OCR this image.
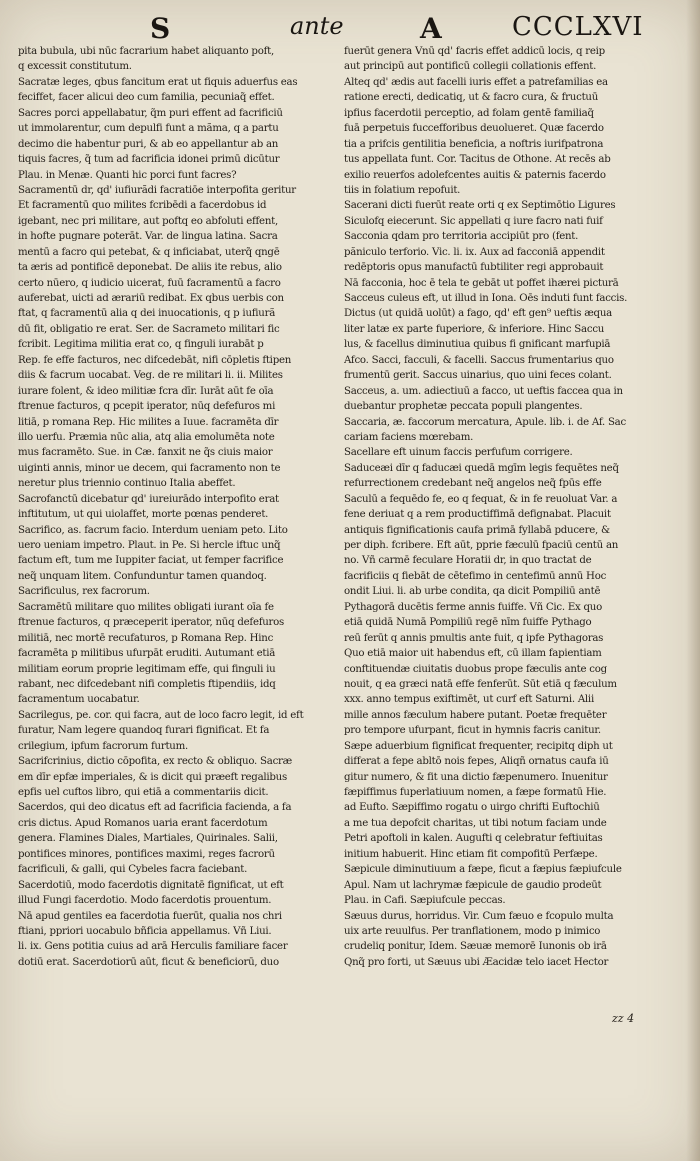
S	ante	A	CCCLXVI
pita bubula, ubi nūc facrarium habet aliquanto poft,
q excessit constitutum.
Sacratæ leges, qbus fancitum erat ut fiquis aduerfus eas
feciffet, facer alicui deo cum familia, pecuniaq̃ effet.
Sacres porci appellabatur, q̃m puri effent ad facrificiū
ut immolarentur, cum depulfi funt a mãma, q a partu
decimo die habentur puri, & ab eo appellantur ab an
tiquis facres, q̃ tum ad facrificia idonei primū dicūtur
Plau. in Menæ. Quanti hic porci funt facres?
Sacramentū dr, qd' iufiurãdi facratiōe interpofita geritur
Et facramentū quo milites fcribēdi a facerdobus id
igebant, nec pri militare, aut poftq eo abfoluti effent,
in hofte pugnare poterāt. Var. de lingua latina. Sacra
mentū a facro qui petebat, & q inficiabat, uterq̃ qngē
ta æris ad pontificē deponebat. De aliis ite rebus, alio
certo nūero, q iudicio uicerat, fuū facramentū a facro
auferebat, uicti ad ærariū redibat. Ex qbus uerbis con
ftat, q facramentū alia q dei inuocationis, q p iufiurã
dū fit, obligatio re erat. Ser. de Sacrameto militari fic
fcribit. Legitima militia erat co, q finguli iurabāt p
Rep. fe effe facturos, nec difcedebāt, nifi cōpletis ftipen
diis & facrum uocabat. Veg. de re militari li. ii. Milites
iurare folent, & ideo militiæ fcra dīr. Iurāt aūt fe oīa
ftrenue facturos, q pcepit iperator, nūq defefuros mi
litiā, p romana Rep. Hic milites a Iuue. facramēta dīr
illo uerfu. Præmia nūc alia, atq alia emolumēta note
mus facramēto. Sue. in Cæ. fanxit ne q̃s ciuis maior
uiginti annis, minor ue decem, qui facramento non te
neretur plus triennio continuo Italia abeffet.
Sacrofanctū dicebatur qd' iureiurādo interpofito erat
inftitutum, ut qui uiolaffet, morte pœnas penderet.
Sacrifico, as. facrum facio. Interdum ueniam peto. Lito
uero ueniam impetro. Plaut. in Pe. Si hercle iftuc unq̃
factum eft, tum me Iuppiter faciat, ut femper facrifice
neq̃ unquam litem. Confunduntur tamen quandoq.
Sacrificulus, rex facrorum.
Sacramētū militare quo milites obligati iurant oīa fe
ftrenue facturos, q præceperit iperator, nūq defefuros
militiā, nec mortē recufaturos, p Romana Rep. Hinc
facramēta p militibus ufurpāt eruditi. Autumant etiā
militiam eorum proprie legitimam effe, qui finguli iu
rabant, nec difcedebant nifi completis ftipendiis, idq
facramentum uocabatur.
Sacrilegus, pe. cor. qui facra, aut de loco facro legit, id eft
furatur, Nam legere quandoq furari fignificat. Et fa
crilegium, ipfum facrorum furtum.
Sacrifcrinius, dictio cōpofita, ex recto & obliquo. Sacræ
em dīr epfæ imperiales, & is dicit qui præeft regalibus
epfis uel cuftos libro, qui etiā a commentariis dicit.
Sacerdos, qui deo dicatus eft ad facrificia facienda, a fa
cris dictus. Apud Romanos uaria erant facerdotum
genera. Flamines Diales, Martiales, Quirinales. Salii,
pontifices minores, pontifices maximi, reges facrorū
facrificuli, & galli, qui Cybeles facra faciebant.
Sacerdotiū, modo facerdotis dignitatē fignificat, ut eft
illud Fungi facerdotio. Modo facerdotis prouentum.
Nā apud gentiles ea facerdotia fuerūt, qualia nos chri
ftiani, ppriori uocabulo bñficia appellamus. Vñ Liui.
li. ix. Gens potitia cuius ad arā Herculis familiare facer
dotiū erat. Sacerdotiorū aūt, ficut & beneficiorū, duo
fuerūt genera Vnū qd' facris effet addicū locis, q reip
aut principū aut pontificū collegii collationis effent.
Alteq qd' ædis aut facelli iuris effet a patrefamilias ea
ratione erecti, dedicatiq, ut & facro cura, & fructuū
ipfius facerdotii perceptio, ad folam gentē familiaq̃
fuā perpetuis fuccefforibus deuolueret. Quæ facerdo
tia a prifcis gentilitia beneficia, a noftris iurifpatrona
tus appellata funt. Cor. Tacitus de Othone. At recēs ab
exilio reuerfos adolefcentes auitis & paternis facerdo
tiis in folatium repofuit.
Sacerani dicti fuerūt reate orti q ex Septimōtio Ligures
Siculofq eiecerunt. Sic appellati q iure facro nati fuif
Sacconia qdam pro territoria accipiūt pro (fent.
păniculo terforio. Vic. li. ix. Aux ad facconiā appendit
redēptoris opus manufactū fubtiliter regi approbauit
Nā facconia, hoc ē tela te gebāt ut poffet ihærei picturā
Sacceus culeus eft, ut illud in Iona. Oēs induti funt faccis.
Dictus (ut quidā uolūt) a fago, qd' eft gen⁹ ueftis æqua
liter latæ ex parte fuperiore, & inferiore. Hinc Saccu
lus, & facellus diminutiua quibus fi gnificant marfupiā
Afco. Sacci, facculi, & facelli. Saccus frumentarius quo
frumentū gerit. Saccus uinarius, quo uini feces colant.
Sacceus, a. um. adiectiuū a facco, ut ueftis faccea qua in
duebantur prophetæ peccata populi plangentes.
Saccaria, æ. faccorum mercatura, Apule. lib. i. de Af. Sac
cariam faciens mœrebam.
Sacellare eft uinum faccis perfufum corrigere.
Saduceæi dīr q faducæi quedā mgīm legis fequētes neq̃
refurrectionem credebant neq̃ angelos neq̃ fpūs effe
Saculū a fequēdo fe, eo q fequat, & in fe reuoluat Var. a
fene deriuat q a rem productiffimā defignabat. Placuit
antiquis fignificationis caufa primā fyllabā pducere, &
per diph. fcribere. Eft aūt, pprie fæculū fpaciū centū an
no. Vñ carmē feculare Horatii dr, in quo tractat de
facrificiis q fiebāt de cētefimo in centefimū annū Hoc
ondit Liui. li. ab urbe condita, qa dicit Pompiliū antē
Pythagorā ducētis ferme annis fuiffe. Vñ Cic. Ex quo
etiā quidā Numā Pompiliū regē nīm fuiffe Pythago
reū ferūt q annis pmultis ante fuit, q ipfe Pythagoras
Quo etiā maior uit habendus eft, cū illam fapientiam
conftituendæ ciuitatis duobus prope fæculis ante cog
nouit, q ea græci natā effe fenferūt. Sūt etiā q fæculum
xxx. anno tempus exiftimēt, ut curf eft Saturni. Alii
mille annos fæculum habere putant. Poetæ frequēter
pro tempore ufurpant, ficut in hymnis facris canitur.
Sæpe aduerbium fignificat frequenter, recipitq diph ut
differat a fepe abltō nois fepes, Aliqñ ornatus caufa iū
gitur numero, & fit una dictio fæpenumero. Inuenitur
fæpiffimus fuperlatiuum nomen, a fæpe formatū Hie.
ad Eufto. Sæpiffimo rogatu o uirgo chrifti Euftochiū
a me tua depofcit charitas, ut tibi notum faciam unde
Petri apoftoli in kalen. Augufti q celebratur feftiuitas
initium habuerit. Hinc etiam fit compofitū Perfæpe.
Sæpicule diminutiuum a fæpe, ficut a fæpius fæpiufcule
Apul. Nam ut lachrymæ fæpicule de gaudio prodeūt
Plau. in Cafi. Sæpiufcule peccas.
Sæuus durus, horridus. Vir. Cum fæuo e fcopulo multa
uix arte reuulfus. Per tranflationem, modo p inimico
crudeliq ponitur, Idem. Sæuæ memorē Iunonis ob irā
Qnq̃ pro forti, ut Sæuus ubi Æacidæ telo iacet Hector
zz 4
